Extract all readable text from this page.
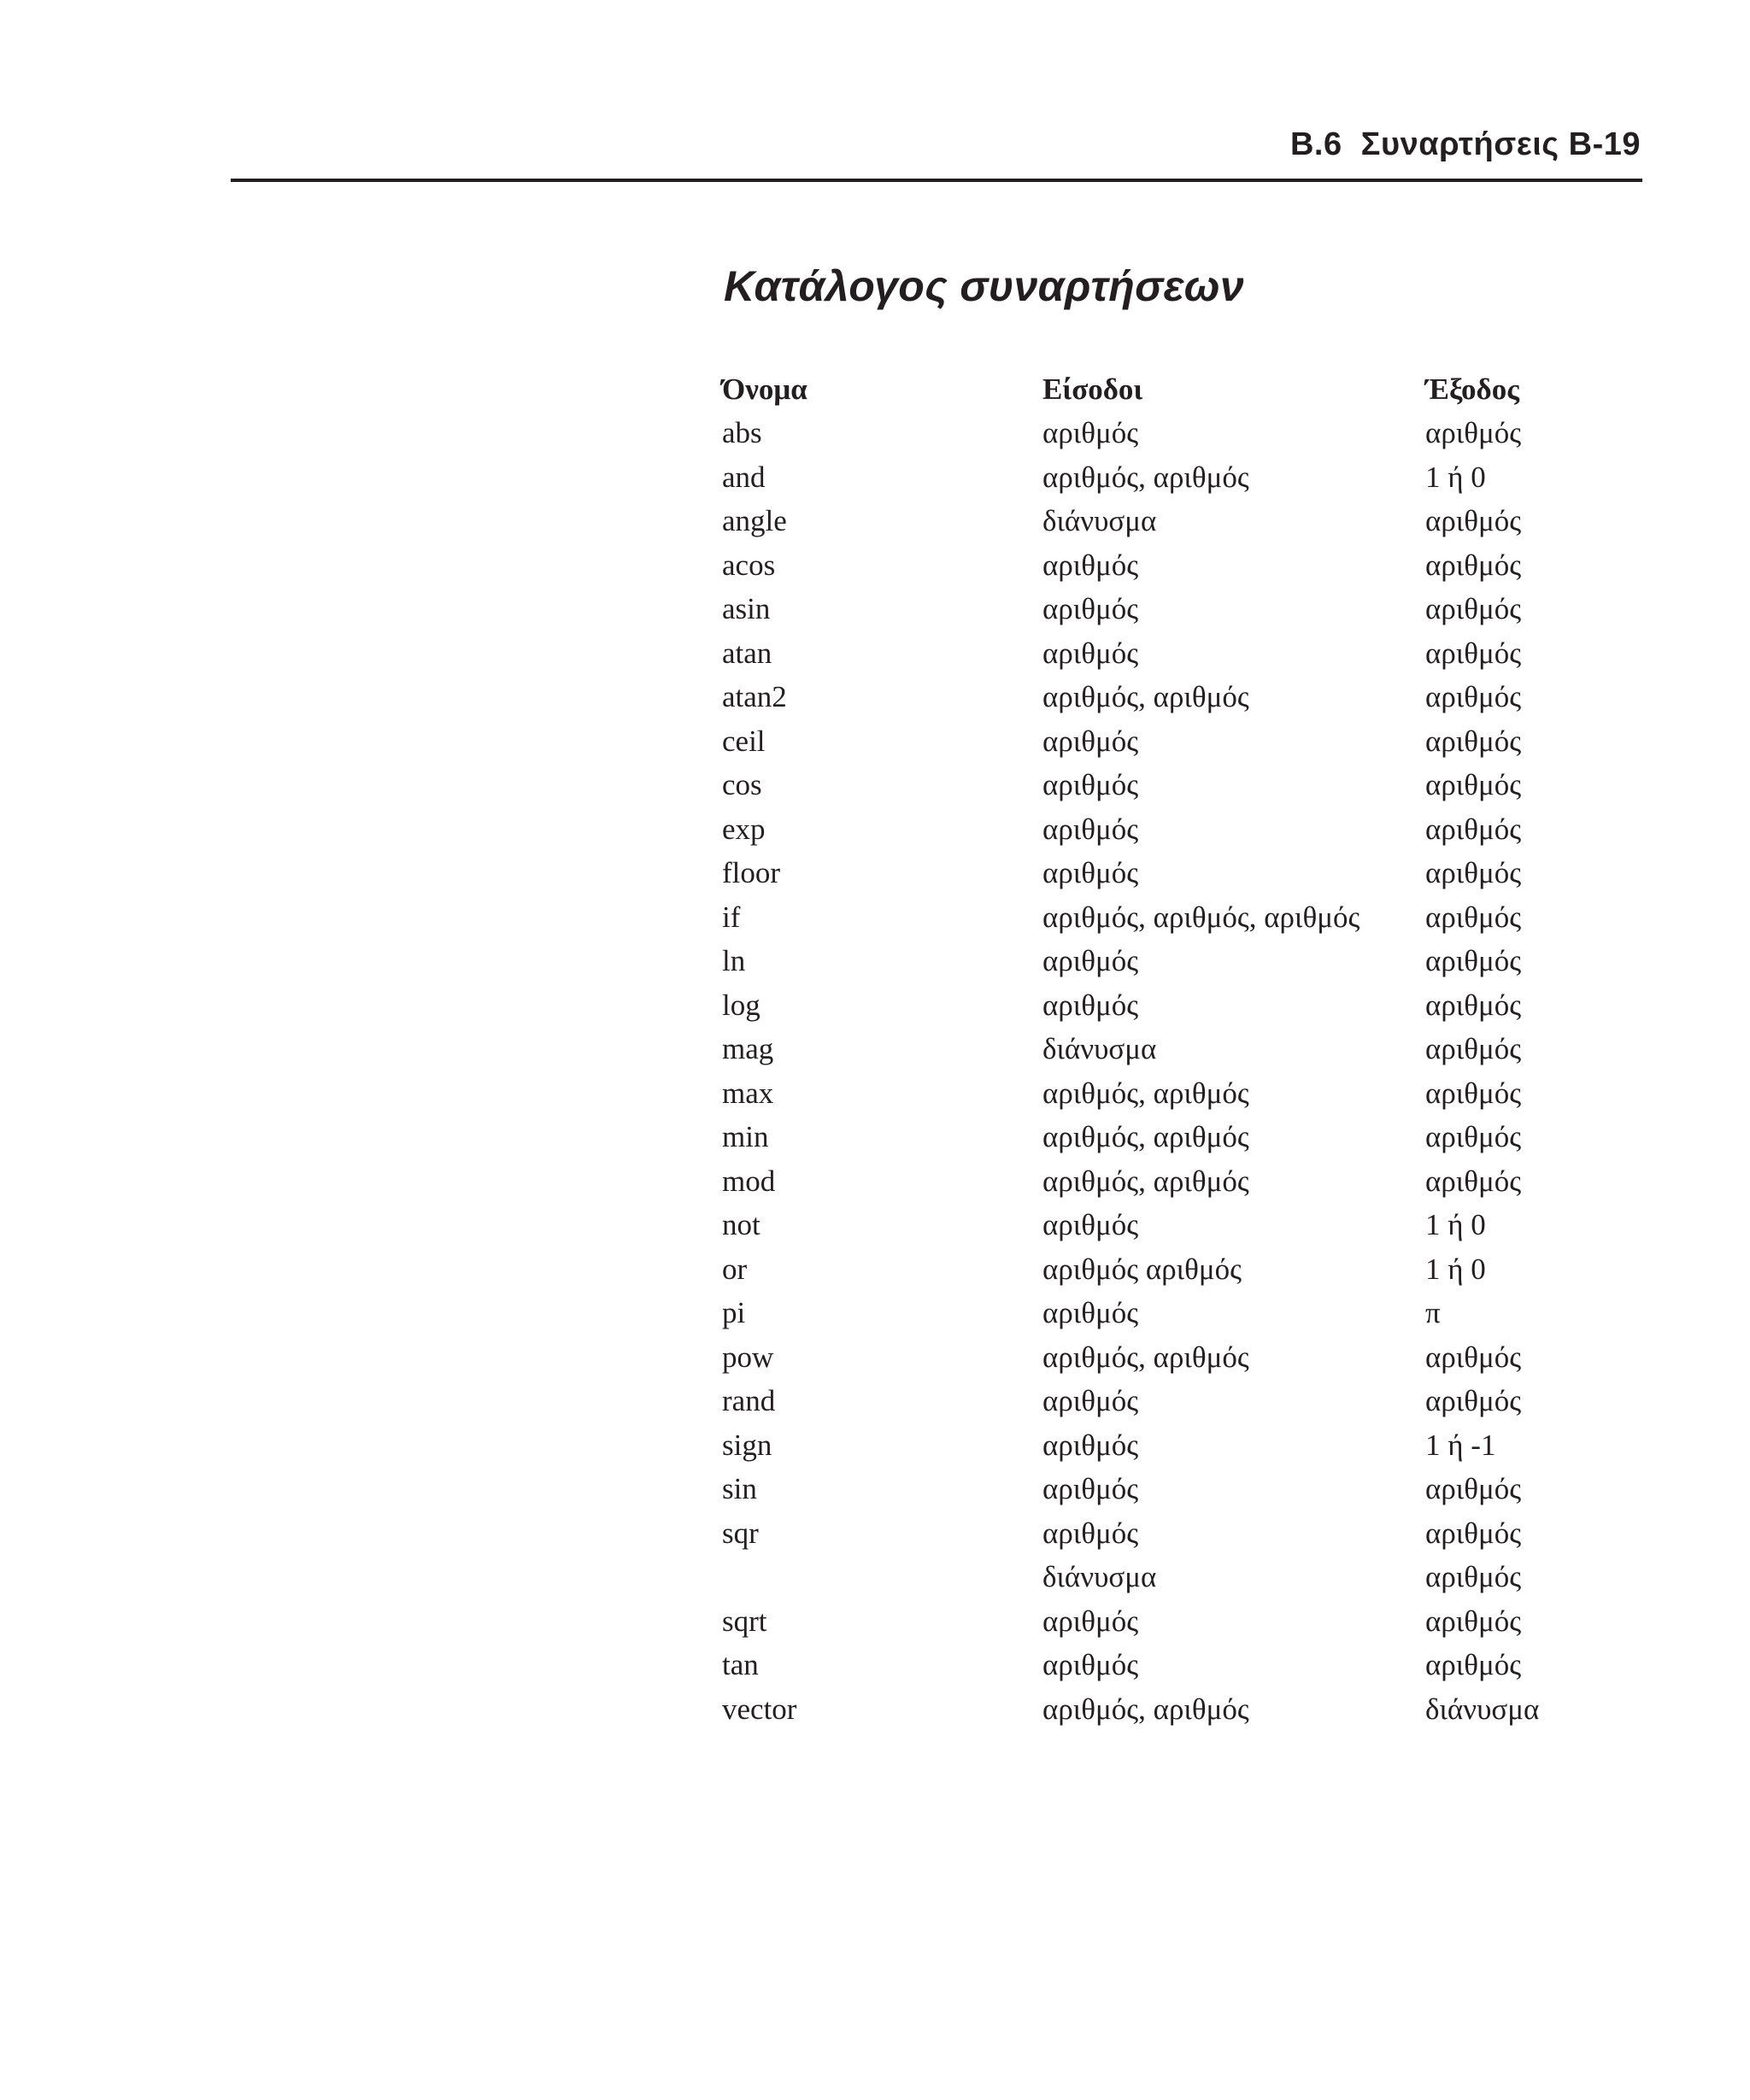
B.6  Συναρτήσεις B-19
Κατάλογος συναρτήσεων
Όνομα	Είσοδοι	Έξοδος
abs	αριθμός	αριθμός
and	αριθμός, αριθμός	1 ή 0
angle	διάνυσμα	αριθμός
acos	αριθμός	αριθμός
asin	αριθμός	αριθμός
atan	αριθμός	αριθμός
atan2	αριθμός, αριθμός	αριθμός
ceil	αριθμός	αριθμός
cos	αριθμός	αριθμός
exp	αριθμός	αριθμός
floor	αριθμός	αριθμός
if	αριθμός, αριθμός, αριθμός	αριθμός
ln	αριθμός	αριθμός
log	αριθμός	αριθμός
mag	διάνυσμα	αριθμός
max	αριθμός, αριθμός	αριθμός
min	αριθμός, αριθμός	αριθμός
mod	αριθμός, αριθμός	αριθμός
not	αριθμός	1 ή 0
or	αριθμός αριθμός	1 ή 0
pi	αριθμός	π
pow	αριθμός, αριθμός	αριθμός
rand	αριθμός	αριθμός
sign	αριθμός	1 ή -1
sin	αριθμός	αριθμός
sqr	αριθμός	αριθμός
	διάνυσμα	αριθμός
sqrt	αριθμός	αριθμός
tan	αριθμός	αριθμός
vector	αριθμός, αριθμός	διάνυσμα
